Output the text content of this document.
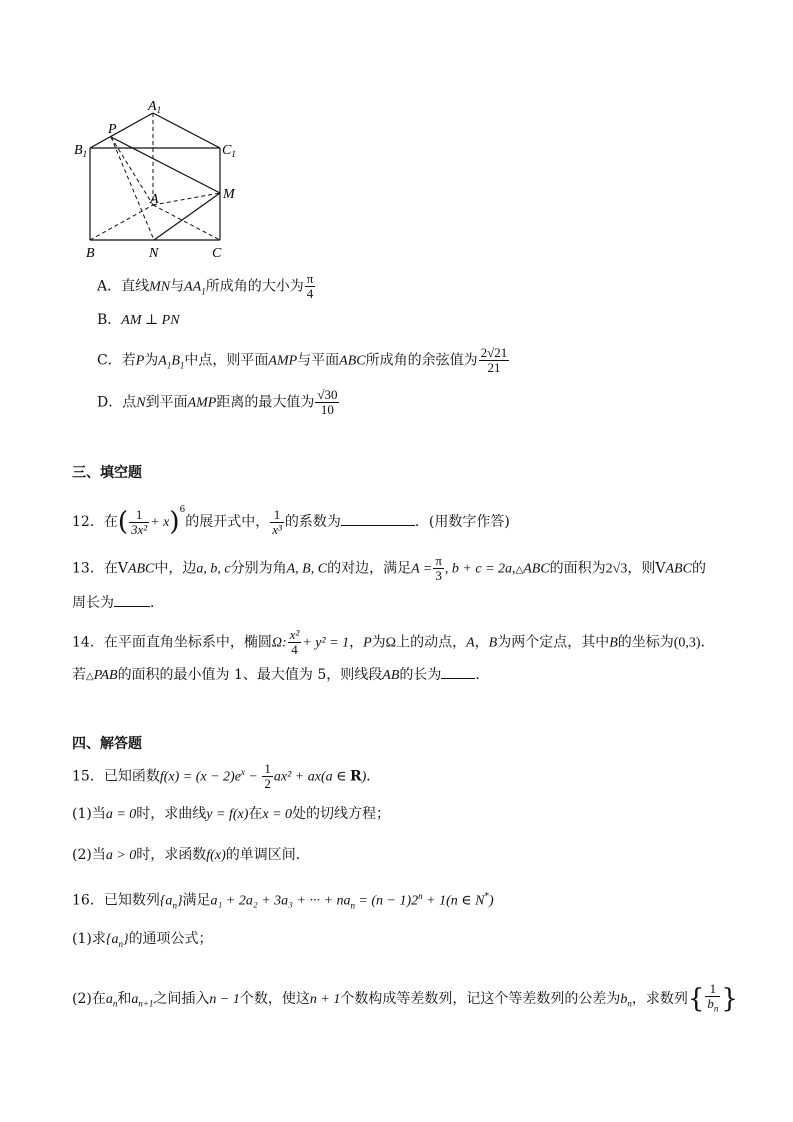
$A_1$
P
$B_1$	$C_1$
M
A
B	N	C
A．直线MN与$AA_1$所成角的大小为 $\frac{\pi}{4}$
B．AM ⊥ PN
C．若P为$A_1B_1$中点，则平面AMP与平面ABC所成角的余弦值为 $\frac{2√21}{21}$
D．点N到平面AMP距离的最大值为 $\frac{√30}{10}$
三、填空题
12．在( $\frac{1}{\text{3x²}} + x)^6$的展开式中， $\frac{1}{\text{x³}}$ 的系数为	．(用数字作答)
13．在VABC中，边a, b, c分别为角A, B, C的对边，满足$A = \frac{\pi}{3}$ , b + c = 2a,△ABC的面积为2√3，则VABC的
周长为	．
14．在平面直角坐标系中，椭圆Ω: $\frac{\text{x²}}{4} + y^2 = 1$，P为Ω上的动点，A，B为两个定点，其中B的坐标为(0,3)．
若△PAB的面积的最小值为 1、最大值为 5，则线段AB的长为 ．
四、解答题
15．已知函数$f(x) = (x - 2)e^x - \frac{1}{2} ax^2 + ax(a$ ∈ R)．
(1)当a = 0时，求曲线y = f(x)在x = 0处的切线方程；
(2)当a > 0时，求函数f(x)的单调区间．
16．已知数列$\{a_n\}$满足a₁ + 2a₂ + 3a₃ + ··· + $na_n = (n - 1)2^n + 1(n$ ∈ N*)
(1)求$\{a_n\}$的通项公式；
(2)在$a_n$和$a_{n+1}$之间插入n − 1个数，使这n + 1个数构成等差数列，记这个等差数列的公差为$b_n$，求数列{ $\frac{1}{b_n}$ }
